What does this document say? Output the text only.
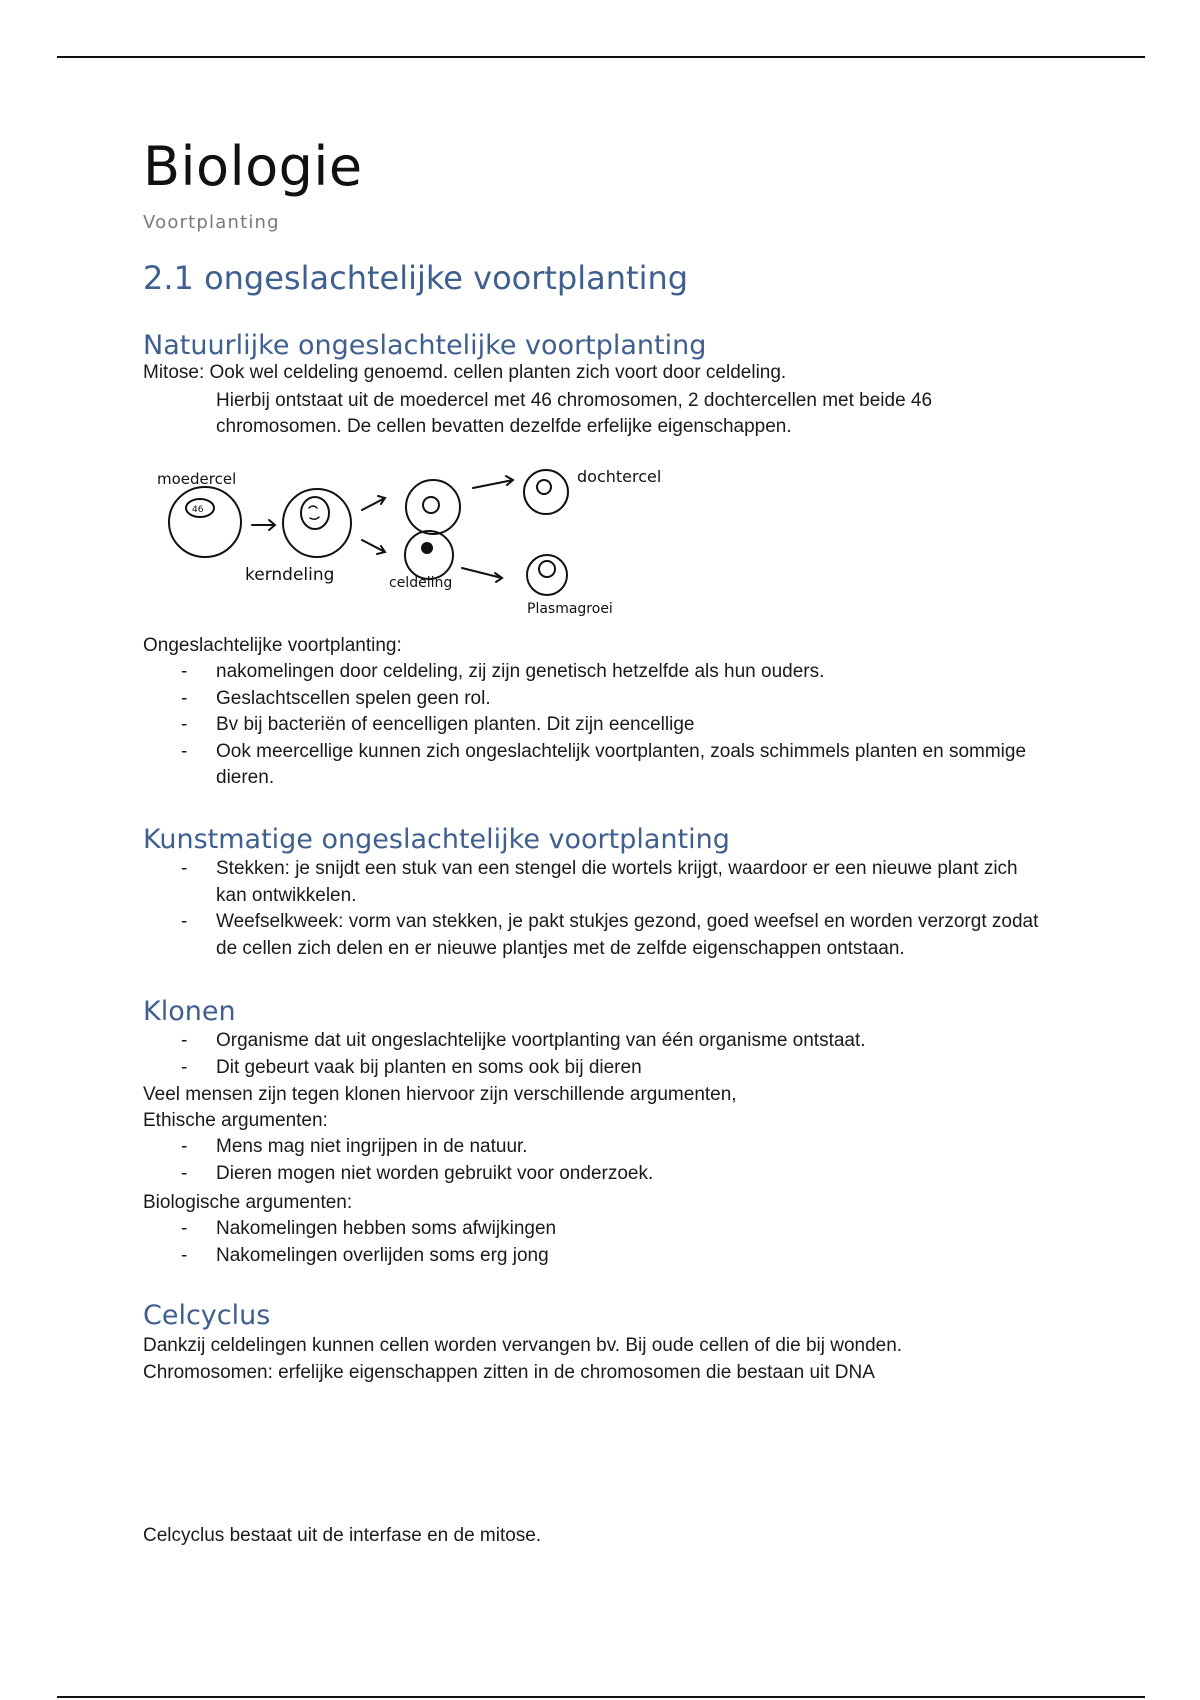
Biologie

Voortplanting

2.1 ongeslachtelijke voortplanting
Natuurlijke ongeslachtelijke voortplanting

Mitose: Ook wel celdeling genoemd. cellen planten zich voort door celdeling.

Hierbij ontstaat uit de moedercel met 46 chromosomen, 2 dochtercellen met beide 46 chromosomen. De cellen bevatten dezelfde erfelijke eigenschappen.

moedercel
46
kerndeling	celdeling
dochtercel
Plasmagroei

Ongeslachtelijke voortplanting:

- nakomelingen door celdeling, zij zijn genetisch hetzelfde als hun ouders.
- Geslachtscellen spelen geen rol.
- Bv bij bacteriën of eencelligen planten. Dit zijn eencellige
- Ook meercellige kunnen zich ongeslachtelijk voortplanten, zoals schimmels planten en sommige dieren.
Kunstmatige ongeslachtelijke voortplanting
- Stekken: je snijdt een stuk van een stengel die wortels krijgt, waardoor er een nieuwe plant zich kan ontwikkelen.
- Weefselkweek: vorm van stekken, je pakt stukjes gezond, goed weefsel en worden verzorgt zodat de cellen zich delen en er nieuwe plantjes met de zelfde eigenschappen ontstaan.
Klonen
- Organisme dat uit ongeslachtelijke voortplanting van één organisme ontstaat.
- Dit gebeurt vaak bij planten en soms ook bij dieren

Veel mensen zijn tegen klonen hiervoor zijn verschillende argumenten,

Ethische argumenten:

- Mens mag niet ingrijpen in de natuur.
- Dieren mogen niet worden gebruikt voor onderzoek.

Biologische argumenten:

- Nakomelingen hebben soms afwijkingen
- Nakomelingen overlijden soms erg jong
Celcyclus

Dankzij celdelingen kunnen cellen worden vervangen bv. Bij oude cellen of die bij wonden.

Chromosomen: erfelijke eigenschappen zitten in de chromosomen die bestaan uit DNA

Celcyclus bestaat uit de interfase en de mitose.
